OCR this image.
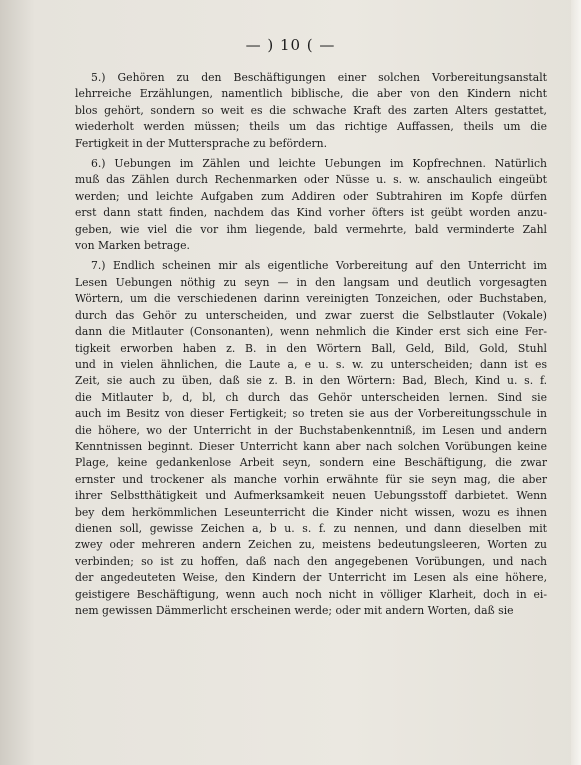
— ) 10 ( —
5.) Gehören zu den Beschäftigungen einer solchen Vorbereitungsanstalt
lehrreiche Erzählungen, namentlich biblische, die aber von den Kindern nicht
blos gehört, sondern so weit es die schwache Kraft des zarten Alters gestattet,
wiederholt werden müssen; theils um das richtige Auffassen, theils um die
Fertigkeit in der Muttersprache zu befördern.
6.) Uebungen im Zählen und leichte Uebungen im Kopfrechnen. Natürlich
muß das Zählen durch Rechenmarken oder Nüsse u. s. w. anschaulich eingeübt
werden; und leichte Aufgaben zum Addiren oder Subtrahiren im Kopfe dürfen
erst dann statt finden, nachdem das Kind vorher öfters ist geübt worden anzu-
geben, wie viel die vor ihm liegende, bald vermehrte, bald verminderte Zahl
von Marken betrage.
7.) Endlich scheinen mir als eigentliche Vorbereitung auf den Unterricht im
Lesen Uebungen nöthig zu seyn — in den langsam und deutlich vorgesagten
Wörtern, um die verschiedenen darinn vereinigten Tonzeichen, oder Buchstaben,
durch das Gehör zu unterscheiden, und zwar zuerst die Selbstlauter (Vokale)
dann die Mitlauter (Consonanten), wenn nehmlich die Kinder erst sich eine Fer-
tigkeit erworben haben z. B. in den Wörtern Ball, Geld, Bild, Gold, Stuhl
und in vielen ähnlichen, die Laute a, e u. s. w. zu unterscheiden; dann ist es
Zeit, sie auch zu üben, daß sie z. B. in den Wörtern: Bad, Blech, Kind u. s. f.
die Mitlauter b, d, bl, ch durch das Gehör unterscheiden lernen. Sind sie
auch im Besitz von dieser Fertigkeit; so treten sie aus der Vorbereitungsschule in
die höhere, wo der Unterricht in der Buchstabenkenntniß, im Lesen und andern
Kenntnissen beginnt. Dieser Unterricht kann aber nach solchen Vorübungen keine
Plage, keine gedankenlose Arbeit seyn, sondern eine Beschäftigung, die zwar
ernster und trockener als manche vorhin erwähnte für sie seyn mag, die aber
ihrer Selbstthätigkeit und Aufmerksamkeit neuen Uebungsstoff darbietet. Wenn
bey dem herkömmlichen Leseunterricht die Kinder nicht wissen, wozu es ihnen
dienen soll, gewisse Zeichen a, b u. s. f. zu nennen, und dann dieselben mit
zwey oder mehreren andern Zeichen zu, meistens bedeutungsleeren, Worten zu
verbinden; so ist zu hoffen, daß nach den angegebenen Vorübungen, und nach
der angedeuteten Weise, den Kindern der Unterricht im Lesen als eine höhere,
geistigere Beschäftigung, wenn auch noch nicht in völliger Klarheit, doch in ei-
nem gewissen Dämmerlicht erscheinen werde; oder mit andern Worten, daß sie
